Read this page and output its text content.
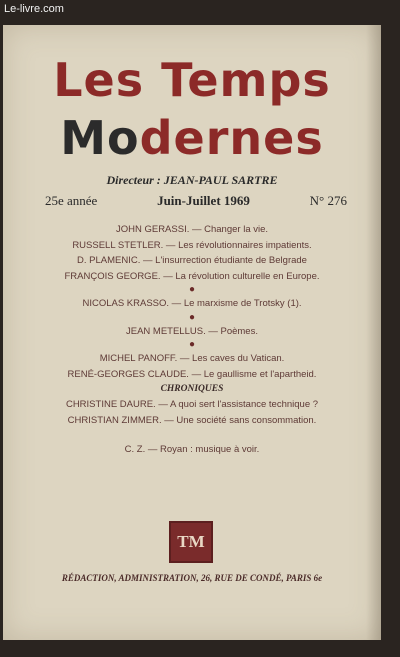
Le-livre.com
Les Temps
Modernes
Directeur : JEAN-PAUL SARTRE
25e année	Juin-Juillet 1969	N° 276
JOHN GERASSI. — Changer la vie.
RUSSELL STETLER. — Les révolutionnaires impatients.
D. PLAMENIC. — L'insurrection étudiante de Belgrade
FRANÇOIS GEORGE. — La révolution culturelle en Europe.
●
NICOLAS KRASSO. — Le marxisme de Trotsky (1).
●
JEAN METELLUS. — Poèmes.
●
MICHEL PANOFF. — Les caves du Vatican.
RENÉ-GEORGES CLAUDE. — Le gaullisme et l'apartheid.
CHRONIQUES
CHRISTINE DAURE. — A quoi sert l'assistance technique ?
CHRISTIAN ZIMMER. — Une société sans consommation.
C. Z. — Royan : musique à voir.
TM
RÉDACTION, ADMINISTRATION, 26, RUE DE CONDÉ, PARIS 6e
